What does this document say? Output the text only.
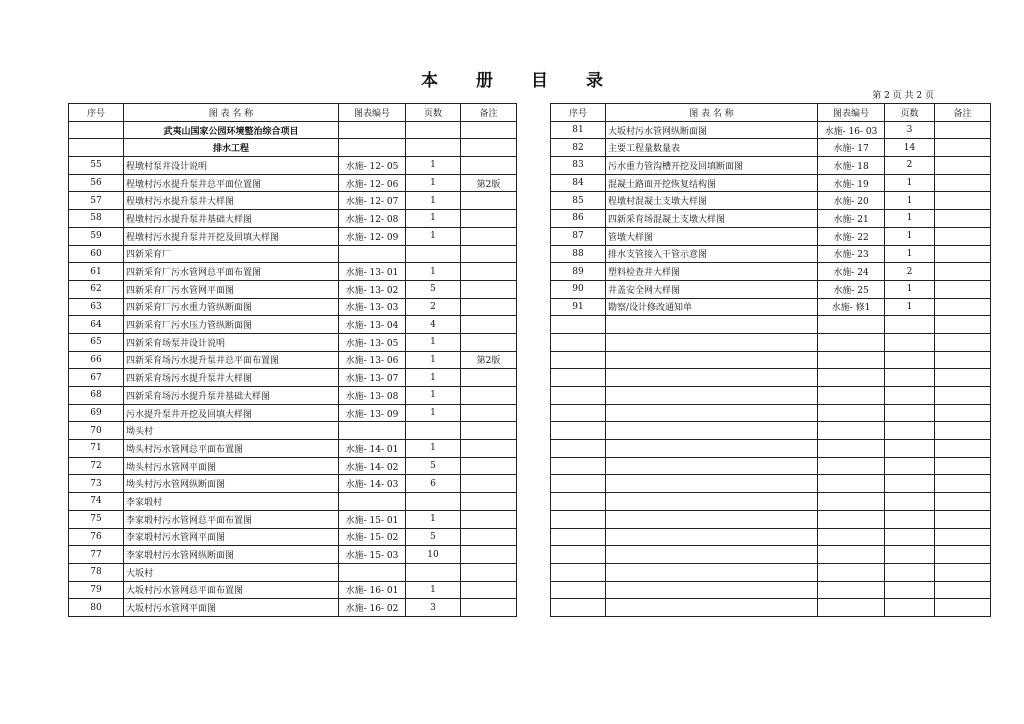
本 册 目 录
第 2 页 共 2 页
序号	图 表 名 称	图表编号	页数	备注
	武夷山国家公园环境整治综合项目			
	排水工程			
55	程墩村泵井设计说明	水施- 12- 05	1	
56	程墩村污水提升泵井总平面位置图	水施- 12- 06	1	第2版
57	程墩村污水提升泵井大样图	水施- 12- 07	1	
58	程墩村污水提升泵井基础大样图	水施- 12- 08	1	
59	程墩村污水提升泵井开挖及回填大样图	水施- 12- 09	1	
60	四新采育厂			
61	四新采育厂污水管网总平面布置图	水施- 13- 01	1	
62	四新采育厂污水管网平面图	水施- 13- 02	5	
63	四新采育厂污水重力管纵断面图	水施- 13- 03	2	
64	四新采育厂污水压力管纵断面图	水施- 13- 04	4	
65	四新采育场泵井设计说明	水施- 13- 05	1	
66	四新采育场污水提升泵井总平面布置图	水施- 13- 06	1	第2版
67	四新采育场污水提升泵井大样图	水施- 13- 07	1	
68	四新采育场污水提升泵井基础大样图	水施- 13- 08	1	
69	污水提升泵井开挖及回填大样图	水施- 13- 09	1	
70	坳头村			
71	坳头村污水管网总平面布置图	水施- 14- 01	1	
72	坳头村污水管网平面图	水施- 14- 02	5	
73	坳头村污水管网纵断面图	水施- 14- 03	6	
74	李家塅村			
75	李家塅村污水管网总平面布置图	水施- 15- 01	1	
76	李家塅村污水管网平面图	水施- 15- 02	5	
77	李家塅村污水管网纵断面图	水施- 15- 03	10	
78	大坂村			
79	大坂村污水管网总平面布置图	水施- 16- 01	1	
80	大坂村污水管网平面图	水施- 16- 02	3	
序号	图 表 名 称	图表编号	页数	备注
81	大坂村污水管网纵断面图	水施- 16- 03	3	
82	主要工程量数量表	水施- 17	14	
83	污水重力管沟槽开挖及回填断面图	水施- 18	2	
84	混凝土路面开挖恢复结构图	水施- 19	1	
85	程墩村混凝土支墩大样图	水施- 20	1	
86	四新采育场混凝土支墩大样图	水施- 21	1	
87	管墩大样图	水施- 22	1	
88	排水支管接入干管示意图	水施- 23	1	
89	塑料检查井大样图	水施- 24	2	
90	井盖安全网大样图	水施- 25	1	
91	勘察/设计修改通知单	水施- 修1	1	
